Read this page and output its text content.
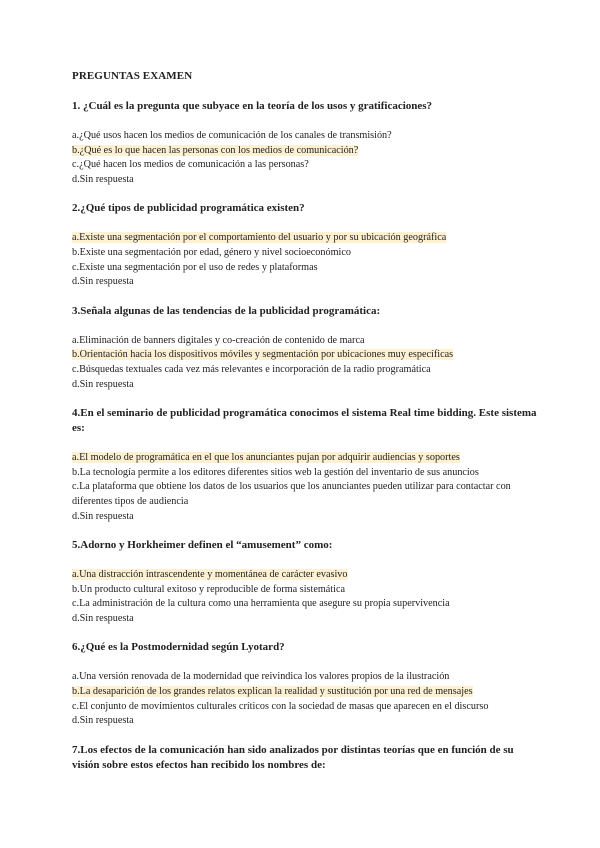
PREGUNTAS EXAMEN
1. ¿Cuál es la pregunta que subyace en la teoría de los usos y gratificaciones?
a.¿Qué usos hacen los medios de comunicación de los canales de transmisión?
b.¿Qué es lo que hacen las personas con los medios de comunicación?
c.¿Qué hacen los medios de comunicación a las personas?
d.Sin respuesta
2.¿Qué tipos de publicidad programática existen?
a.Existe una segmentación por el comportamiento del usuario y por su ubicación geográfica
b.Existe una segmentación por edad, género y nivel socioeconómico
c.Existe una segmentación por el uso de redes y plataformas
d.Sin respuesta
3.Señala algunas de las tendencias de la publicidad programática:
a.Eliminación de banners digitales y co-creación de contenido de marca
b.Orientación hacia los dispositivos móviles y segmentación por ubicaciones muy específicas
c.Búsquedas textuales cada vez más relevantes e incorporación de la radio programática
d.Sin respuesta
4.En el seminario de publicidad programática conocimos el sistema Real time bidding. Este sistema es:
a.El modelo de programática en el que los anunciantes pujan por adquirir audiencias y soportes
b.La tecnología permite a los editores diferentes sitios web la gestión del inventario de sus anuncios
c.La plataforma que obtiene los datos de los usuarios que los anunciantes pueden utilizar para contactar con diferentes tipos de audiencia
d.Sin respuesta
5.Adorno y Horkheimer definen el “amusement” como:
a.Una distracción intrascendente y momentánea de carácter evasivo
b.Un producto cultural exitoso y reproducible de forma sistemática
c.La administración de la cultura como una herramienta que asegure su propia supervivencia
d.Sin respuesta
6.¿Qué es la Postmodernidad según Lyotard?
a.Una versión renovada de la modernidad que reivindica los valores propios de la ilustración
b.La desaparición de los grandes relatos explican la realidad y sustitución por una red de mensajes
c.El conjunto de movimientos culturales críticos con la sociedad de masas que aparecen en el discurso
d.Sin respuesta
7.Los efectos de la comunicación han sido analizados por distintas teorías que en función de su visión sobre estos efectos han recibido los nombres de:
